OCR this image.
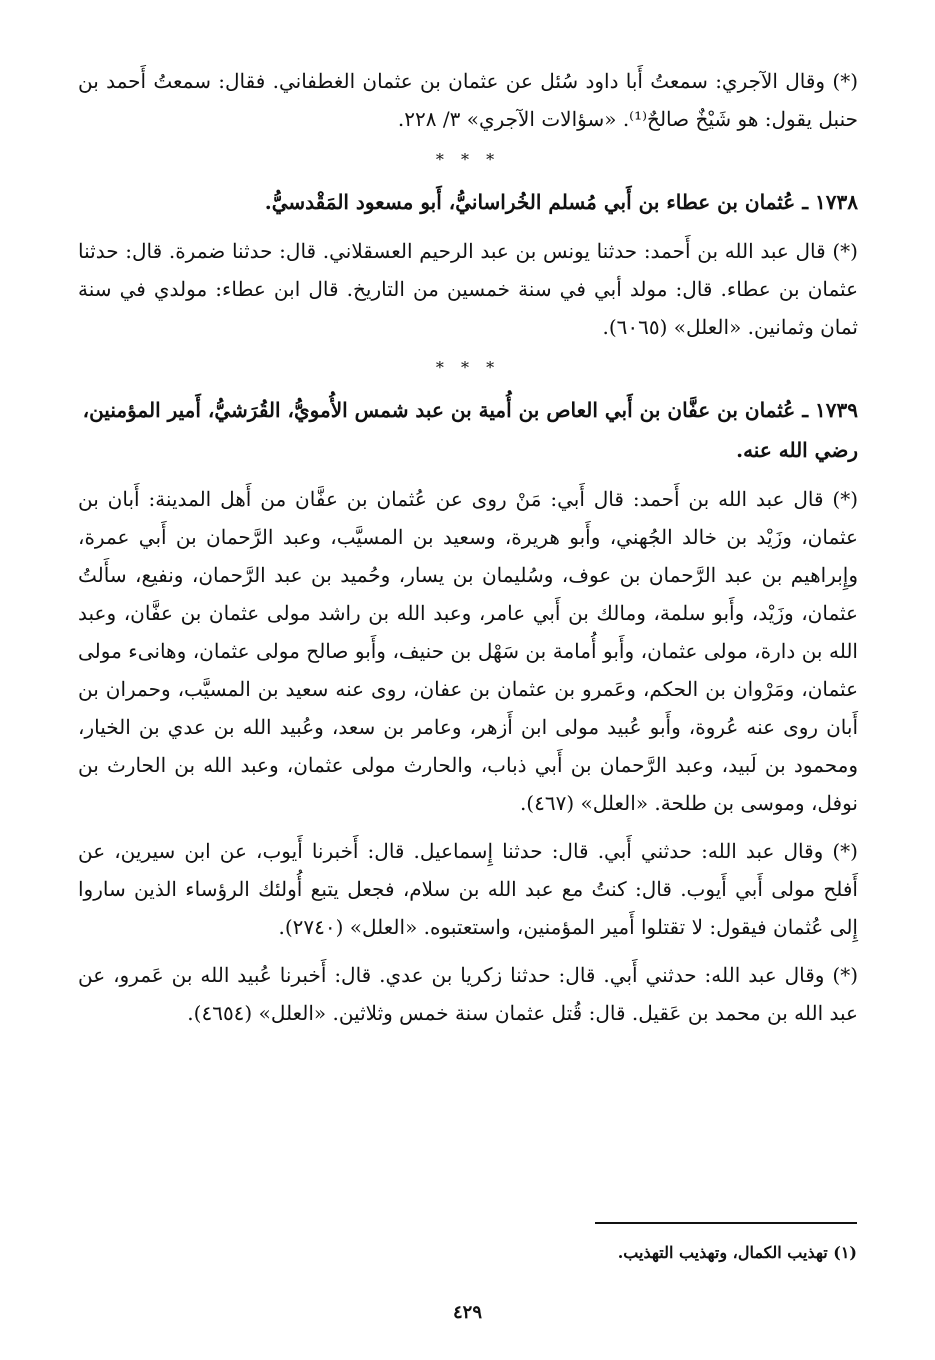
(*) وقال الآجري: سمعتُ أَبا داود سُئل عن عثمان بن عثمان الغطفاني. فقال: سمعتُ أَحمد بن حنبل يقول: هو شَيْخٌ صالحٌ⁽¹⁾. «سؤالات الآجري» ٣/ ٢٢٨.
* * *
١٧٣٨ ـ عُثمان بن عطاء بن أَبي مُسلم الخُراسانيُّ، أَبو مسعود المَقْدسيُّ.
(*) قال عبد الله بن أَحمد: حدثنا يونس بن عبد الرحيم العسقلاني. قال: حدثنا ضمرة. قال: حدثنا عثمان بن عطاء. قال: مولد أبي في سنة خمسين من التاريخ. قال ابن عطاء: مولدي في سنة ثمان وثمانين. «العلل» (٦٠٦٥).
* * *
١٧٣٩ ـ عُثمان بن عفَّان بن أَبي العاص بن أُمية بن عبد شمس الأُمويُّ، القُرَشيُّ، أَمير المؤمنين، رضي الله عنه.
(*) قال عبد الله بن أَحمد: قال أَبي: مَنْ روى عن عُثمان بن عفَّان من أَهل المدينة: أَبان بن عثمان، وزَيْد بن خالد الجُهني، وأَبو هريرة، وسعيد بن المسيَّب، وعبد الرَّحمان بن أَبي عمرة، وإِبراهيم بن عبد الرَّحمان بن عوف، وسُليمان بن يسار، وحُميد بن عبد الرَّحمان، ونفيع، سأَلتُ عثمان، وزَيْد، وأَبو سلمة، ومالك بن أَبي عامر، وعبد الله بن راشد مولى عثمان بن عفَّان، وعبد الله بن دارة، مولى عثمان، وأَبو أُمامة بن سَهْل بن حنيف، وأَبو صالح مولى عثمان، وهانىء مولى عثمان، ومَرْوان بن الحكم، وعَمرو بن عثمان بن عفان، روى عنه سعيد بن المسيَّب، وحمران بن أَبان روى عنه عُروة، وأَبو عُبيد مولى ابن أَزهر، وعامر بن سعد، وعُبيد الله بن عدي بن الخيار، ومحمود بن لَبيد، وعبد الرَّحمان بن أَبي ذباب، والحارث مولى عثمان، وعبد الله بن الحارث بن نوفل، وموسى بن طلحة. «العلل» (٤٦٧).
(*) وقال عبد الله: حدثني أَبي. قال: حدثنا إِسماعيل. قال: أَخبرنا أَيوب، عن ابن سيرين، عن أَفلح مولى أَبي أَيوب. قال: كنتُ مع عبد الله بن سلام، فجعل يتبع أُولئك الرؤساء الذين ساروا إِلى عُثمان فيقول: لا تقتلوا أَمير المؤمنين، واستعتبوه. «العلل» (٢٧٤٠).
(*) وقال عبد الله: حدثني أَبي. قال: حدثنا زكريا بن عدي. قال: أَخبرنا عُبيد الله بن عَمرو، عن عبد الله بن محمد بن عَقيل. قال: قُتل عثمان سنة خمس وثلاثين. «العلل» (٤٦٥٤).
(١) تهذيب الكمال، وتهذيب التهذيب.
٤٢٩
